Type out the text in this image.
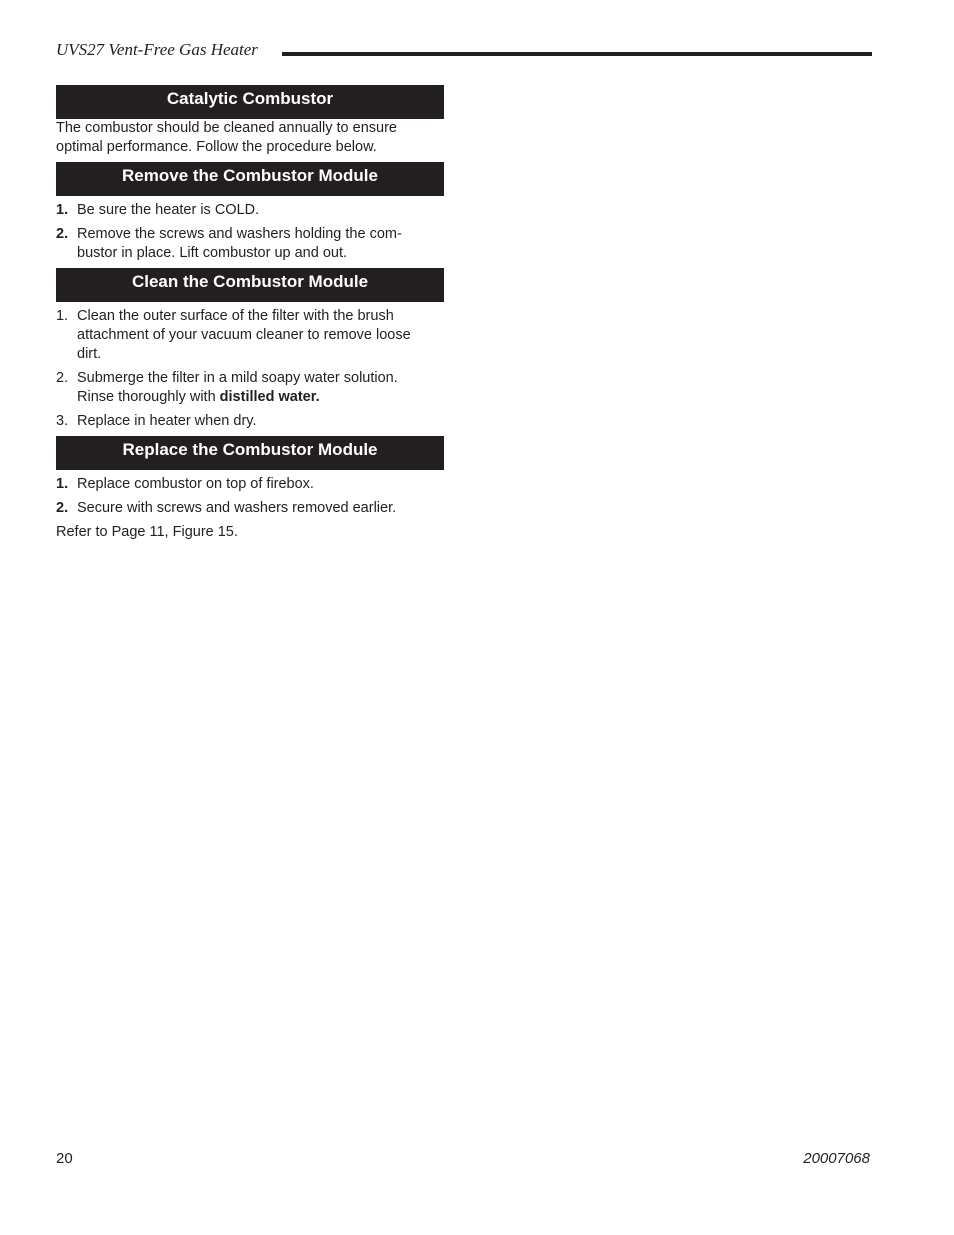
UVS27 Vent-Free Gas Heater
Catalytic Combustor

The combustor should be cleaned annually to ensure
optimal performance. Follow the procedure below.

Remove the Combustor Module
1. Be sure the heater is COLD.
2. Remove the screws and washers holding the com-
bustor in place. Lift combustor up and out.
Clean the Combustor Module
1. Clean the outer surface of the filter with the brush
attachment of your vacuum cleaner to remove loose
dirt.
2. Submerge the filter in a mild soapy water solution.
Rinse thoroughly with distilled water.
3. Replace in heater when dry.
Replace the Combustor Module
1. Replace combustor on top of firebox.
2. Secure with screws and washers removed earlier.

Refer to Page 11, Figure 15.

20	20007068
